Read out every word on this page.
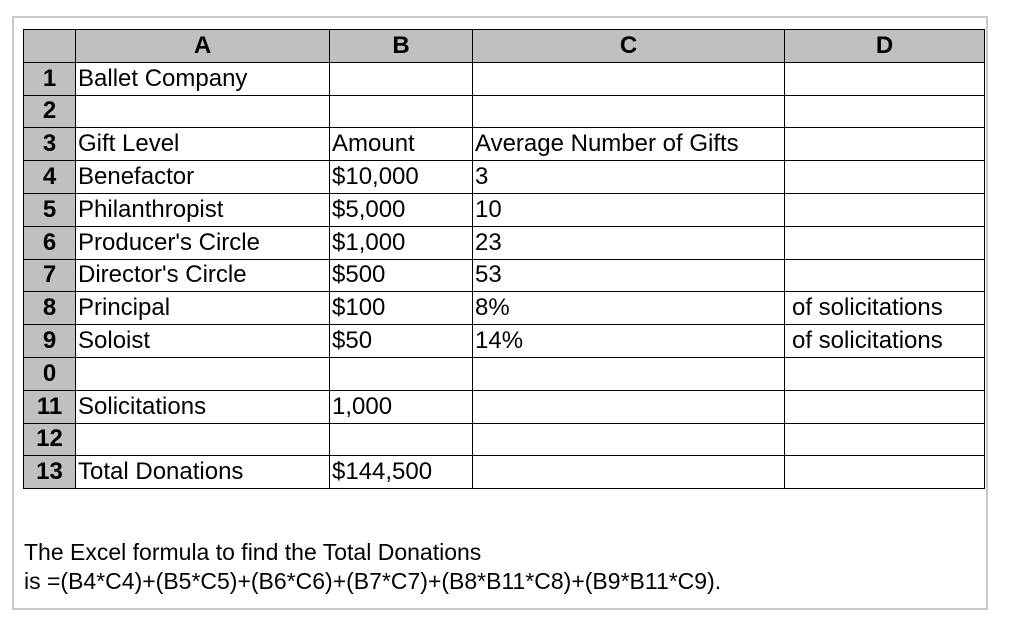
	A	B	C	D
1	Ballet Company			
2				
3	Gift Level	Amount	Average Number of Gifts	
4	Benefactor	$10,000	3	
5	Philanthropist	$5,000	10	
6	Producer's Circle	$1,000	23	
7	Director's Circle	$500	53	
8	Principal	$100	8%	of solicitations
9	Soloist	$50	14%	of solicitations
0				
11	Solicitations	1,000		
12				
13	Total Donations	$144,500		
The Excel formula to find the Total Donations
is =(B4*C4)+(B5*C5)+(B6*C6)+(B7*C7)+(B8*B11*C8)+(B9*B11*C9).
